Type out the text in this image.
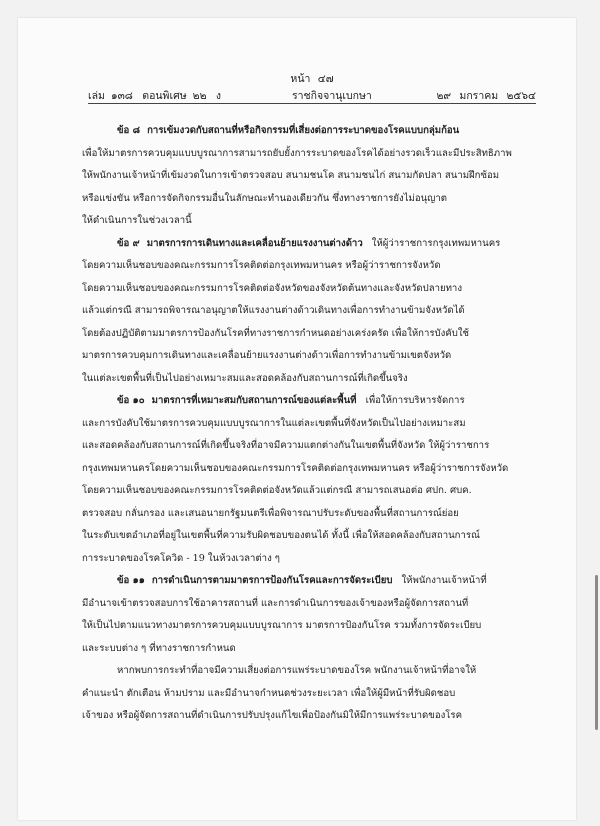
หน้า ๔๗
เล่ม ๑๓๘ ตอนพิเศษ ๒๒ ง	ราชกิจจานุเบกษา	๒๙ มกราคม ๒๕๖๔
ข้อ ๘ การเข้มงวดกับสถานที่หรือกิจกรรมที่เสี่ยงต่อการระบาดของโรคแบบกลุ่มก้อน
เพื่อให้มาตรการควบคุมแบบบูรณาการสามารถยับยั้งการระบาดของโรคได้อย่างรวดเร็วและมีประสิทธิภาพ
ให้พนักงานเจ้าหน้าที่เข้มงวดในการเข้าตรวจสอบ สนามชนโค สนามชนไก่ สนามกัดปลา สนามฝึกซ้อม
หรือแข่งขัน หรือการจัดกิจกรรมอื่นในลักษณะทำนองเดียวกัน ซึ่งทางราชการยังไม่อนุญาต
ให้ดำเนินการในช่วงเวลานี้
ข้อ ๙ มาตรการการเดินทางและเคลื่อนย้ายแรงงานต่างด้าว ให้ผู้ว่าราชการกรุงเทพมหานคร
โดยความเห็นชอบของคณะกรรมการโรคติดต่อกรุงเทพมหานคร หรือผู้ว่าราชการจังหวัด
โดยความเห็นชอบของคณะกรรมการโรคติดต่อจังหวัดของจังหวัดต้นทางและจังหวัดปลายทาง
แล้วแต่กรณี สามารถพิจารณาอนุญาตให้แรงงานต่างด้าวเดินทางเพื่อการทำงานข้ามจังหวัดได้
โดยต้องปฏิบัติตามมาตรการป้องกันโรคที่ทางราชการกำหนดอย่างเคร่งครัด เพื่อให้การบังคับใช้
มาตรการควบคุมการเดินทางและเคลื่อนย้ายแรงงานต่างด้าวเพื่อการทำงานข้ามเขตจังหวัด
ในแต่ละเขตพื้นที่เป็นไปอย่างเหมาะสมและสอดคล้องกับสถานการณ์ที่เกิดขึ้นจริง
ข้อ ๑๐ มาตรการที่เหมาะสมกับสถานการณ์ของแต่ละพื้นที่ เพื่อให้การบริหารจัดการ
และการบังคับใช้มาตรการควบคุมแบบบูรณาการในแต่ละเขตพื้นที่จังหวัดเป็นไปอย่างเหมาะสม
และสอดคล้องกับสถานการณ์ที่เกิดขึ้นจริงที่อาจมีความแตกต่างกันในเขตพื้นที่จังหวัด ให้ผู้ว่าราชการ
กรุงเทพมหานครโดยความเห็นชอบของคณะกรรมการโรคติดต่อกรุงเทพมหานคร หรือผู้ว่าราชการจังหวัด
โดยความเห็นชอบของคณะกรรมการโรคติดต่อจังหวัดแล้วแต่กรณี สามารถเสนอต่อ ศปก. ศบค.
ตรวจสอบ กลั่นกรอง และเสนอนายกรัฐมนตรีเพื่อพิจารณาปรับระดับของพื้นที่สถานการณ์ย่อย
ในระดับเขตอำเภอที่อยู่ในเขตพื้นที่ความรับผิดชอบของตนได้ ทั้งนี้ เพื่อให้สอดคล้องกับสถานการณ์
การระบาดของโรคโควิด - 19 ในห้วงเวลาต่าง ๆ
ข้อ ๑๑ การดำเนินการตามมาตรการป้องกันโรคและการจัดระเบียบ ให้พนักงานเจ้าหน้าที่
มีอำนาจเข้าตรวจสอบการใช้อาคารสถานที่ และการดำเนินการของเจ้าของหรือผู้จัดการสถานที่
ให้เป็นไปตามแนวทางมาตรการควบคุมแบบบูรณาการ มาตรการป้องกันโรค รวมทั้งการจัดระเบียบ
และระบบต่าง ๆ ที่ทางราชการกำหนด
หากพบการกระทำที่อาจมีความเสี่ยงต่อการแพร่ระบาดของโรค พนักงานเจ้าหน้าที่อาจให้
คำแนะนำ ตักเตือน ห้ามปราม และมีอำนาจกำหนดช่วงระยะเวลา เพื่อให้ผู้มีหน้าที่รับผิดชอบ
เจ้าของ หรือผู้จัดการสถานที่ดำเนินการปรับปรุงแก้ไขเพื่อป้องกันมิให้มีการแพร่ระบาดของโรค
